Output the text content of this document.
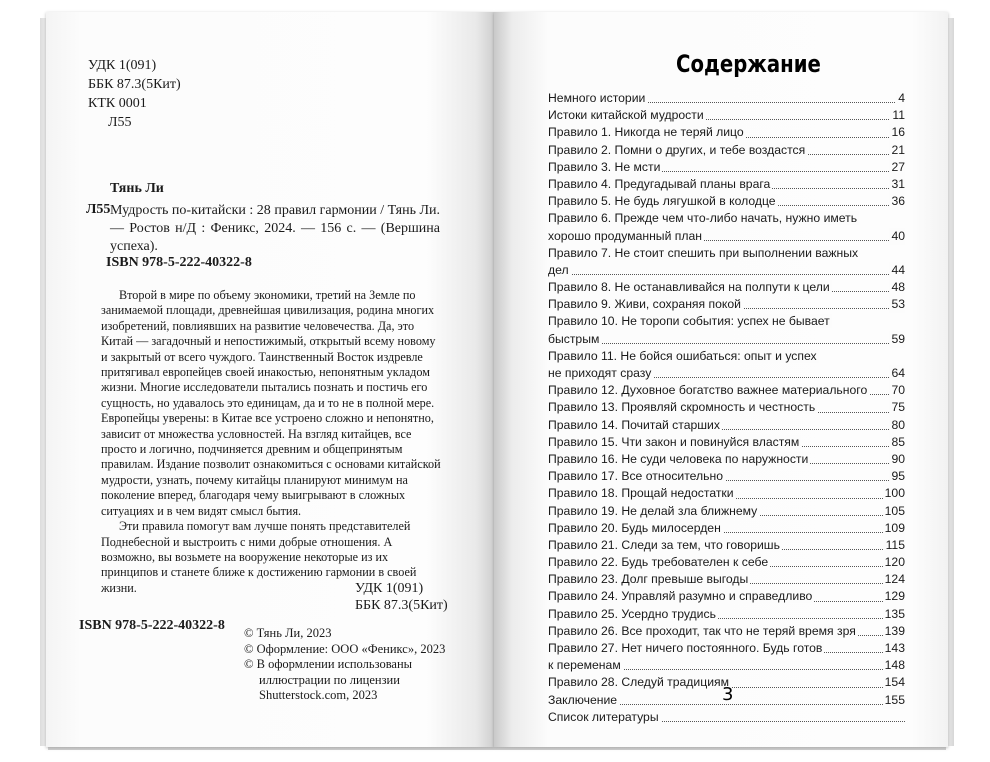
УДК 1(091)
ББК 87.3(5Кит)
КТК 0001
Л55
Тянь Ли
Л55 Мудрость по-китайски : 28 правил гармонии / Тянь Ли. — Ростов н/Д : Феникс, 2024. — 156 с. — (Вершина успеха).
ISBN 978-5-222-40322-8

Второй в мире по объему экономики, третий на Земле по занимаемой площади, древнейшая цивилизация, родина многих изобретений, повлиявших на развитие человечества. Да, это Китай — загадочный и непостижимый, открытый всему новому и закрытый от всего чуждого. Таинственный Восток издревле притягивал европейцев своей инакостью, непонятным укладом жизни. Многие исследователи пытались познать и постичь его сущность, но удавалось это единицам, да и то не в полной мере. Европейцы уверены: в Китае все устроено сложно и непонятно, зависит от множества условностей. На взгляд китайцев, все просто и логично, подчиняется древним и общепринятым правилам. Издание позволит ознакомиться с основами китайской мудрости, узнать, почему китайцы планируют минимум на поколение вперед, благодаря чему выигрывают в сложных ситуациях и в чем видят смысл бытия.

Эти правила помогут вам лучше понять представителей Поднебесной и выстроить с ними добрые отношения. А возможно, вы возьмете на вооружение некоторые из их принципов и станете ближе к достижению гармонии в своей жизни.	УДК 1(091)
ББК 87.3(5Кит)
ISBN 978-5-222-40322-8 © Тянь Ли, 2023
© Оформление: ООО «Феникс», 2023
© В оформлении использованы
иллюстрации по лицензии
Shutterstock.com, 2023
Содержание
Немного истории	4
Истоки китайской мудрости	11
Правило 1. Никогда не теряй лицо	16
Правило 2. Помни о других, и тебе воздастся	21
Правило 3. Не мсти	27
Правило 4. Предугадывай планы врага	31
Правило 5. Не будь лягушкой в колодце	36
Правило 6. Прежде чем что-либо начать, нужно иметь
хорошо продуманный план	40
Правило 7. Не стоит спешить при выполнении важных
дел	44
Правило 8. Не останавливайся на полпути к цели	48
Правило 9. Живи, сохраняя покой	53
Правило 10. Не торопи события: успех не бывает
быстрым	59
Правило 11. Не бойся ошибаться: опыт и успех
не приходят сразу	64
Правило 12. Духовное богатство важнее материального 70
Правило 13. Проявляй скромность и честность	75
Правило 14. Почитай старших	80
Правило 15. Чти закон и повинуйся властям	85
Правило 16. Не суди человека по наружности	90
Правило 17. Все относительно	95
Правило 18. Прощай недостатки	100
Правило 19. Не делай зла ближнему	105
Правило 20. Будь милосерден	109
Правило 21. Следи за тем, что говоришь	115
Правило 22. Будь требователен к себе	120
Правило 23. Долг превыше выгоды	124
Правило 24. Управляй разумно и справедливо	129
Правило 25. Усердно трудись	135
Правило 26. Все проходит, так что не теряй время зря 139
Правило 27. Нет ничего постоянного. Будь готов	143
к переменам	148
Правило 28. Следуй традициям	154
Заключение	155
Список литературы
3
